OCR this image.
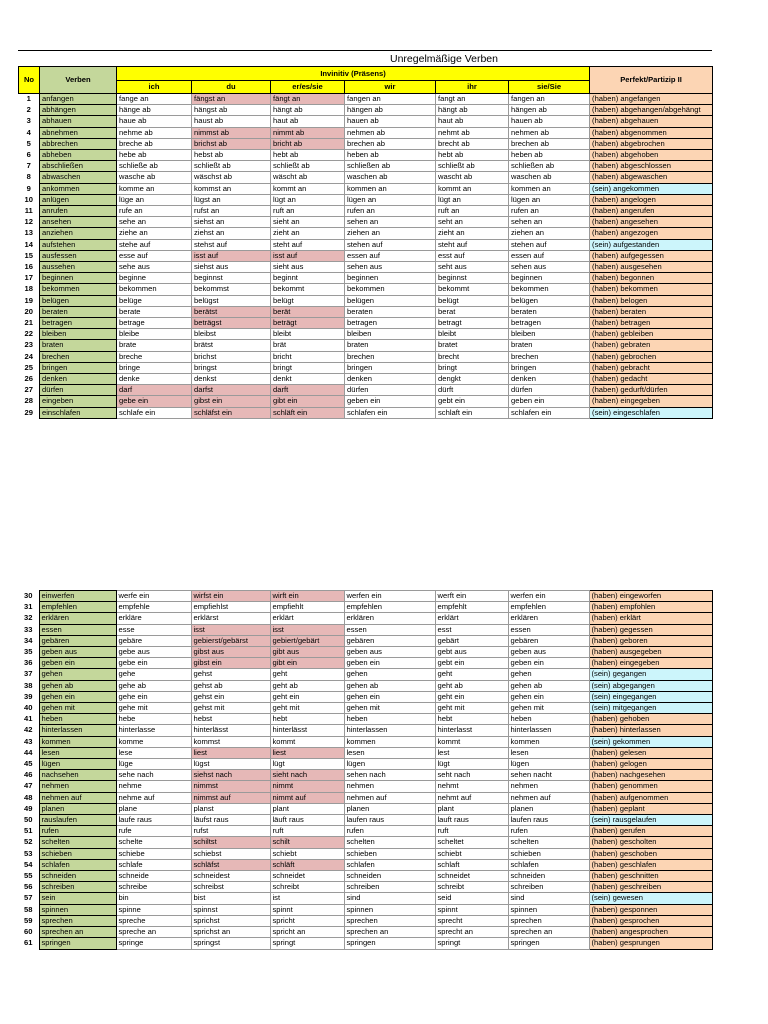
Unregelmäßige Verben
No	Verben	Invinitiv (Präsens)						Perfekt/Partizip II
		ich	du	er/es/sie	wir	ihr	sie/Sie	
1	anfangen	fange an	fängst an	fängt an	fangen an	fangt an	fangen an	(haben) angefangen
2	abhängen	hänge ab	hängst ab	hängt ab	hängen ab	hängt ab	hängen ab	(haben) abgehangen/abgehängt
3	abhauen	haue ab	haust ab	haut ab	hauen ab	haut ab	hauen ab	(haben) abgehauen
4	abnehmen	nehme ab	nimmst ab	nimmt ab	nehmen ab	nehmt ab	nehmen ab	(haben) abgenommen
5	abbrechen	breche ab	brichst ab	bricht ab	brechen ab	brecht ab	brechen ab	(haben) abgebrochen
6	abheben	hebe ab	hebst ab	hebt ab	heben ab	hebt ab	heben ab	(haben) abgehoben
7	abschließen	schließe ab	schließt ab	schließt ab	schließen ab	schließt ab	schließen ab	(haben) abgeschlossen
8	abwaschen	wasche ab	wäschst ab	wäscht ab	waschen ab	wascht ab	waschen ab	(haben) abgewaschen
9	ankommen	komme an	kommst an	kommt an	kommen an	kommt an	kommen an	(sein) angekommen
10	anlügen	lüge an	lügst an	lügt an	lügen an	lügt an	lügen an	(haben) angelogen
11	anrufen	rufe an	rufst an	ruft an	rufen an	ruft an	rufen an	(haben) angerufen
12	ansehen	sehe an	siehst an	sieht an	sehen an	seht an	sehen an	(haben) angesehen
13	anziehen	ziehe an	ziehst an	zieht an	ziehen an	zieht an	ziehen an	(haben) angezogen
14	aufstehen	stehe auf	stehst auf	steht auf	stehen auf	steht auf	stehen auf	(sein) aufgestanden
15	ausfessen	esse auf	isst auf	isst auf	essen auf	esst auf	essen auf	(haben) aufgegessen
16	aussehen	sehe aus	siehst aus	sieht aus	sehen aus	seht aus	sehen aus	(haben) ausgesehen
17	beginnen	beginne	beginnst	beginnt	beginnen	beginnst	beginnen	(haben) begonnen
18	bekommen	bekommen	bekommst	bekommt	bekommen	bekommt	bekommen	(haben) bekommen
19	belügen	belüge	belügst	belügt	belügen	belügt	belügen	(haben) belogen
20	beraten	berate	berätst	berät	beraten	berat	beraten	(haben) beraten
21	betragen	betrage	beträgst	beträgt	betragen	betragt	betragen	(haben) betragen
22	bleiben	bleibe	bleibst	bleibt	bleiben	bleibt	bleiben	(haben) gebleiben
23	braten	brate	brätst	brät	braten	bratet	braten	(haben) gebraten
24	brechen	breche	brichst	bricht	brechen	brecht	brechen	(haben) gebrochen
25	bringen	bringe	bringst	bringt	bringen	bringt	bringen	(haben) gebracht
26	denken	denke	denkst	denkt	denken	dengkt	denken	(haben) gedacht
27	dürfen	darf	darfst	darft	dürfen	dürft	dürfen	(haben) gedurft/dürfen
28	eingeben	gebe ein	gibst ein	gibt ein	geben ein	gebt ein	geben ein	(haben) eingegeben
29	einschlafen	schlafe ein	schläfst ein	schläft ein	schlafen ein	schlaft ein	schlafen ein	(sein) eingeschlafen
30	einwerfen	werfe ein	wirfst ein	wirft ein	werfen ein	werft ein	werfen ein	(haben) eingeworfen
31	empfehlen	empfehle	empfiehlst	empfiehlt	empfehlen	empfehlt	empfehlen	(haben) empfohlen
32	erklären	erkläre	erklärst	erklärt	erklären	erklärt	erklären	(haben) erklärt
33	essen	esse	isst	isst	essen	esst	essen	(haben) gegessen
34	gebären	gebäre	gebierst/gebärst	gebiert/gebärt	gebären	gebärt	gebären	(haben) geboren
35	geben aus	gebe aus	gibst aus	gibt aus	geben aus	gebt aus	geben aus	(haben) ausgegeben
36	geben ein	gebe ein	gibst ein	gibt ein	geben ein	gebt ein	geben ein	(haben) eingegeben
37	gehen	gehe	gehst	geht	gehen	geht	gehen	(sein) gegangen
38	gehen ab	gehe ab	gehst ab	geht ab	gehen ab	geht ab	gehen ab	(sein) abgegangen
39	gehen ein	gehe ein	gehst ein	geht ein	gehen ein	geht ein	gehen ein	(sein) eingegangen
40	gehen mit	gehe mit	gehst mit	geht mit	gehen mit	geht mit	gehen mit	(sein) mitgegangen
41	heben	hebe	hebst	hebt	heben	hebt	heben	(haben) gehoben
42	hinterlassen	hinterlasse	hinterlässt	hinterlässt	hinterlassen	hinterlasst	hinterlassen	(haben) hinterlassen
43	kommen	komme	kommst	kommt	kommen	kommt	kommen	(sein) gekommen
44	lesen	lese	liest	liest	lesen	lest	lesen	(haben) gelesen
45	lügen	lüge	lügst	lügt	lügen	lügt	lügen	(haben) gelogen
46	nachsehen	sehe nach	siehst nach	sieht nach	sehen nach	seht nach	sehen nacht	(haben) nachgesehen
47	nehmen	nehme	nimmst	nimmt	nehmen	nehmt	nehmen	(haben) genommen
48	nehmen auf	nehme auf	nimmst auf	nimmt auf	nehmen auf	nehmt auf	nehmen auf	(haben) aufgenommen
49	planen	plane	planst	plant	planen	plant	planen	(haben) geplant
50	rauslaufen	laufe raus	läufst raus	läuft raus	laufen raus	lauft raus	laufen raus	(sein) rausgelaufen
51	rufen	rufe	rufst	ruft	rufen	ruft	rufen	(haben) gerufen
52	schelten	schelte	schiltst	schilt	schelten	scheltet	schelten	(haben) gescholten
53	schieben	schiebe	schiebst	schiebt	schieben	schiebt	schieben	(haben) geschoben
54	schlafen	schlafe	schläfst	schläft	schlafen	schlaft	schlafen	(haben) geschlafen
55	schneiden	schneide	schneidest	schneidet	schneiden	schneidet	schneiden	(haben) geschnitten
56	schreiben	schreibe	schreibst	schreibt	schreiben	schreibt	schreiben	(haben) geschreiben
57	sein	bin	bist	ist	sind	seid	sind	(sein) gewesen
58	spinnen	spinne	spinnst	spinnt	spinnen	spinnt	spinnen	(haben) gesponnen
59	sprechen	spreche	sprichst	spricht	sprechen	sprecht	sprechen	(haben) gesprochen
60	sprechen an	spreche an	sprichst an	spricht an	sprechen an	sprecht an	sprechen an	(haben) angesprochen
61	springen	springe	springst	springt	springen	springt	springen	(haben) gesprungen
